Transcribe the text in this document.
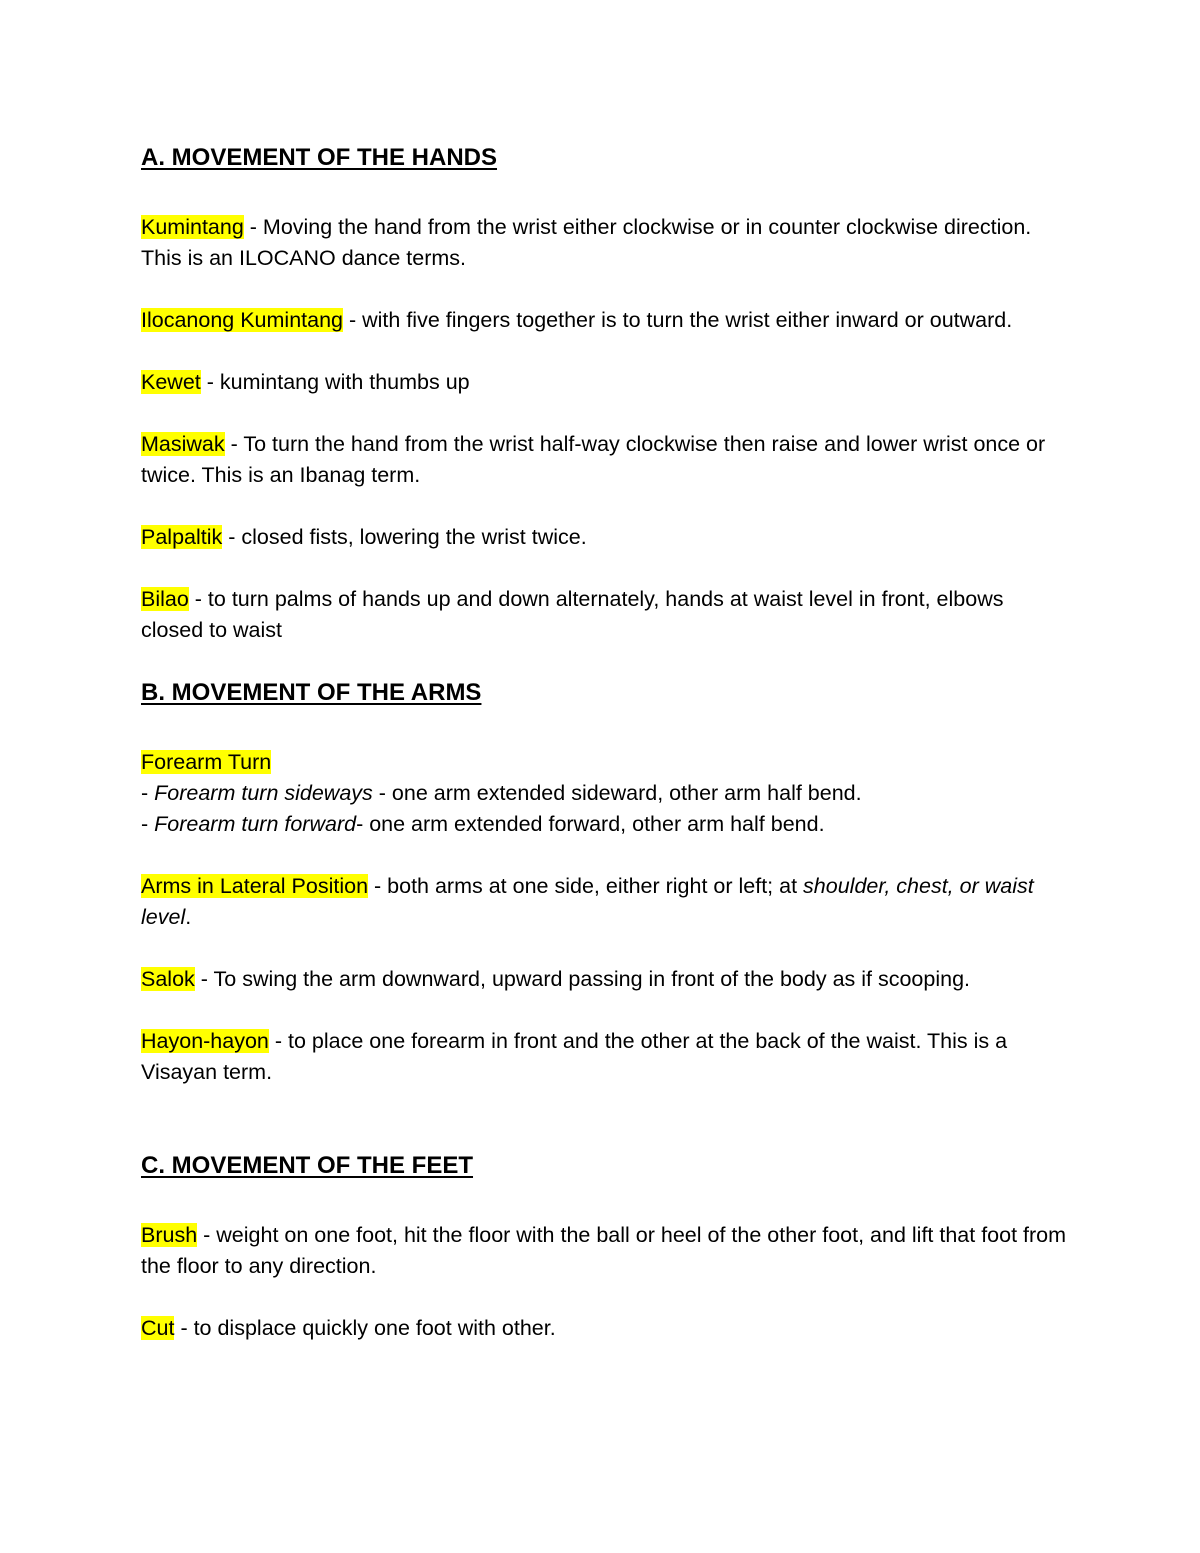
A. MOVEMENT OF THE HANDS

Kumintang - Moving the hand from the wrist either clockwise or in counter clockwise direction. This is an ILOCANO dance terms.

Ilocanong Kumintang - with five fingers together is to turn the wrist either inward or outward.

Kewet - kumintang with thumbs up

Masiwak - To turn the hand from the wrist half-way clockwise then raise and lower wrist once or twice. This is an Ibanag term.

Palpaltik - closed fists, lowering the wrist twice.

Bilao - to turn palms of hands up and down alternately, hands at waist level in front, elbows closed to waist

B. MOVEMENT OF THE ARMS

Forearm Turn

- Forearm turn sideways - one arm extended sideward, other arm half bend.

- Forearm turn forward- one arm extended forward, other arm half bend.

Arms in Lateral Position - both arms at one side, either right or left; at shoulder, chest, or waist level.

Salok - To swing the arm downward, upward passing in front of the body as if scooping.

Hayon-hayon - to place one forearm in front and the other at the back of the waist. This is a Visayan term.

C. MOVEMENT OF THE FEET

Brush - weight on one foot, hit the floor with the ball or heel of the other foot, and lift that foot from the floor to any direction.

Cut - to displace quickly one foot with other.
